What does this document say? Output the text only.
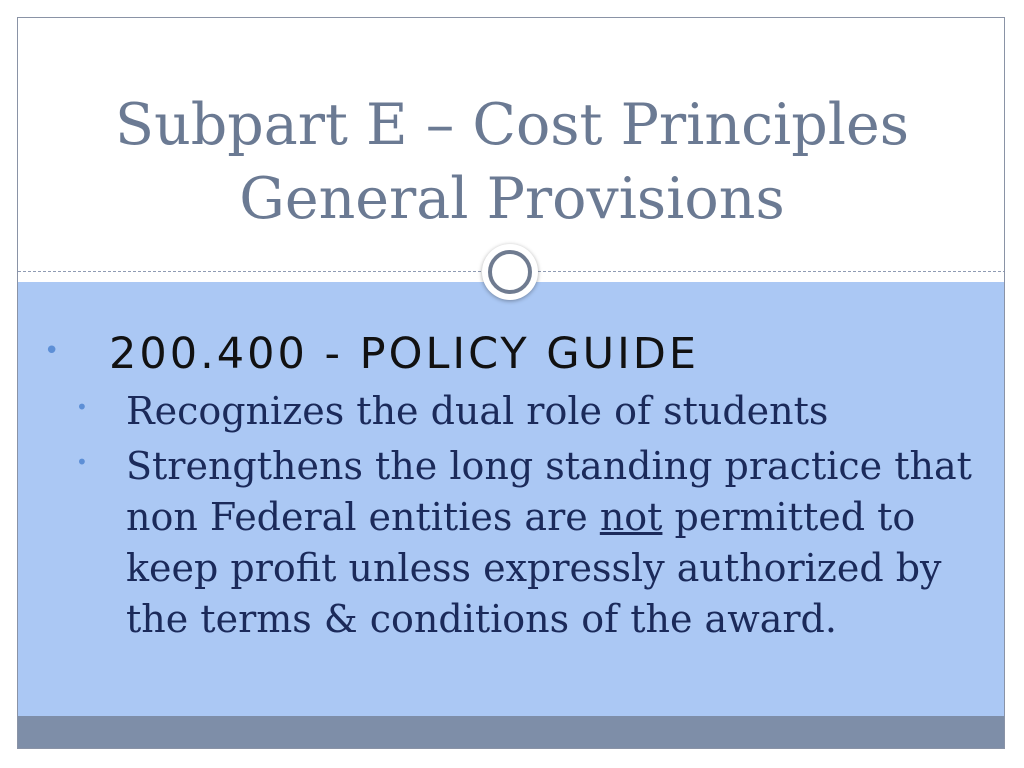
Subpart E – Cost Principles
General Provisions
• 200.400 - POLICY GUIDE
• Recognizes the dual role of students
• Strengthens the long standing practice that non Federal entities are not permitted to keep profit unless expressly authorized by the terms & conditions of the award.
